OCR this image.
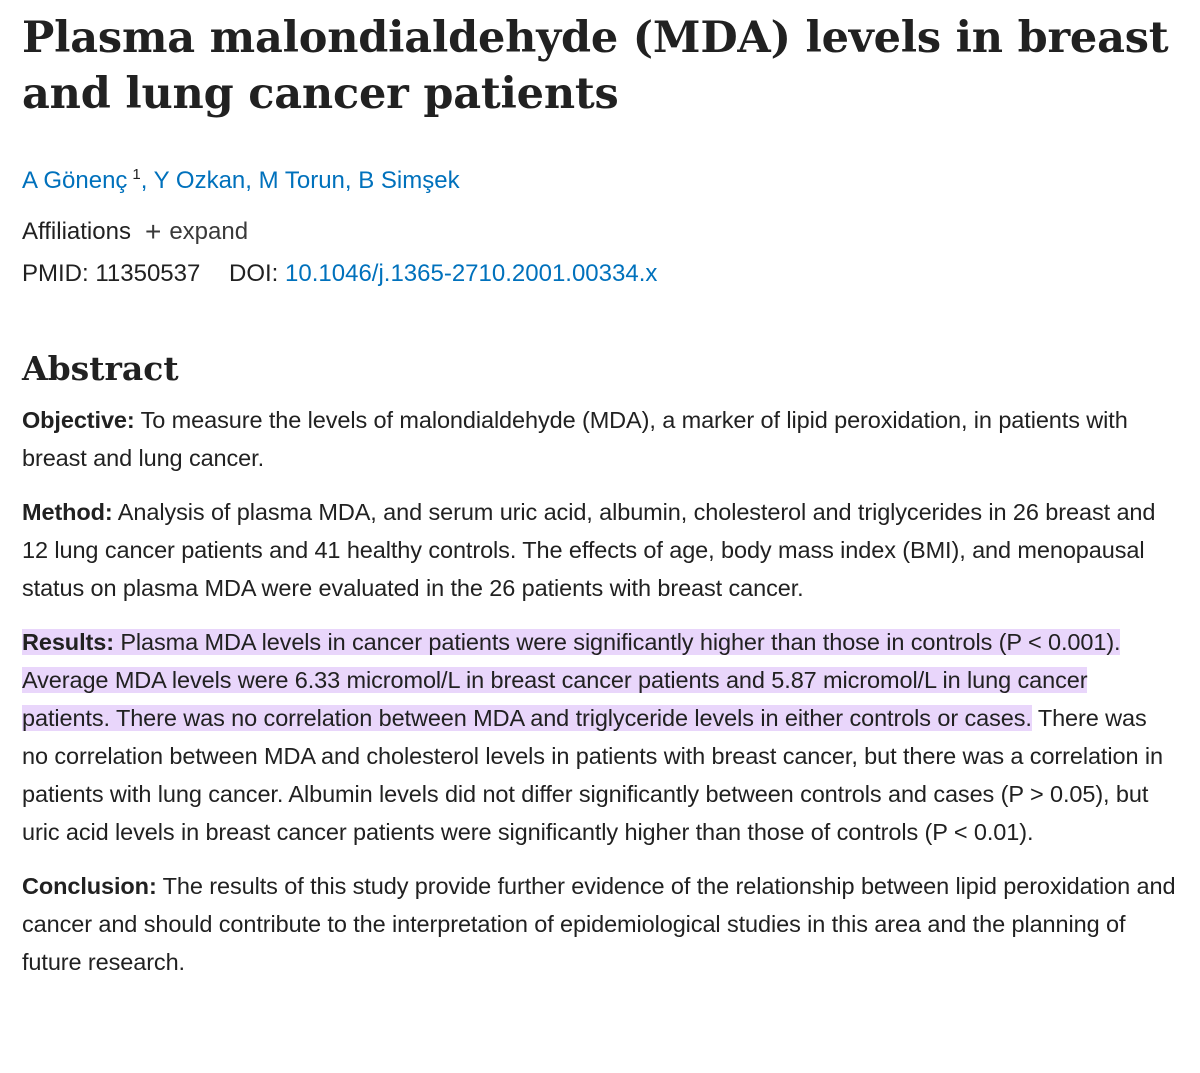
Plasma malondialdehyde (MDA) levels in breast and lung cancer patients
A Gönenç $^1$, Y Ozkan, M Torun, B Simşek
Affiliations + expand
PMID: 11350537 DOI: 10.1046/j.1365-2710.2001.00334.x
Abstract

Objective: To measure the levels of malondialdehyde (MDA), a marker of lipid peroxidation, in patients with breast and lung cancer.

Method: Analysis of plasma MDA, and serum uric acid, albumin, cholesterol and triglycerides in 26 breast and 12 lung cancer patients and 41 healthy controls. The effects of age, body mass index (BMI), and menopausal status on plasma MDA were evaluated in the 26 patients with breast cancer.

Results: Plasma MDA levels in cancer patients were significantly higher than those in controls (P < 0.001). Average MDA levels were 6.33 micromol/L in breast cancer patients and 5.87 micromol/L in lung cancer patients. There was no correlation between MDA and triglyceride levels in either controls or cases. There was no correlation between MDA and cholesterol levels in patients with breast cancer, but there was a correlation in patients with lung cancer. Albumin levels did not differ significantly between controls and cases (P > 0.05), but uric acid levels in breast cancer patients were significantly higher than those of controls (P < 0.01).

Conclusion: The results of this study provide further evidence of the relationship between lipid peroxidation and cancer and should contribute to the interpretation of epidemiological studies in this area and the planning of future research.
